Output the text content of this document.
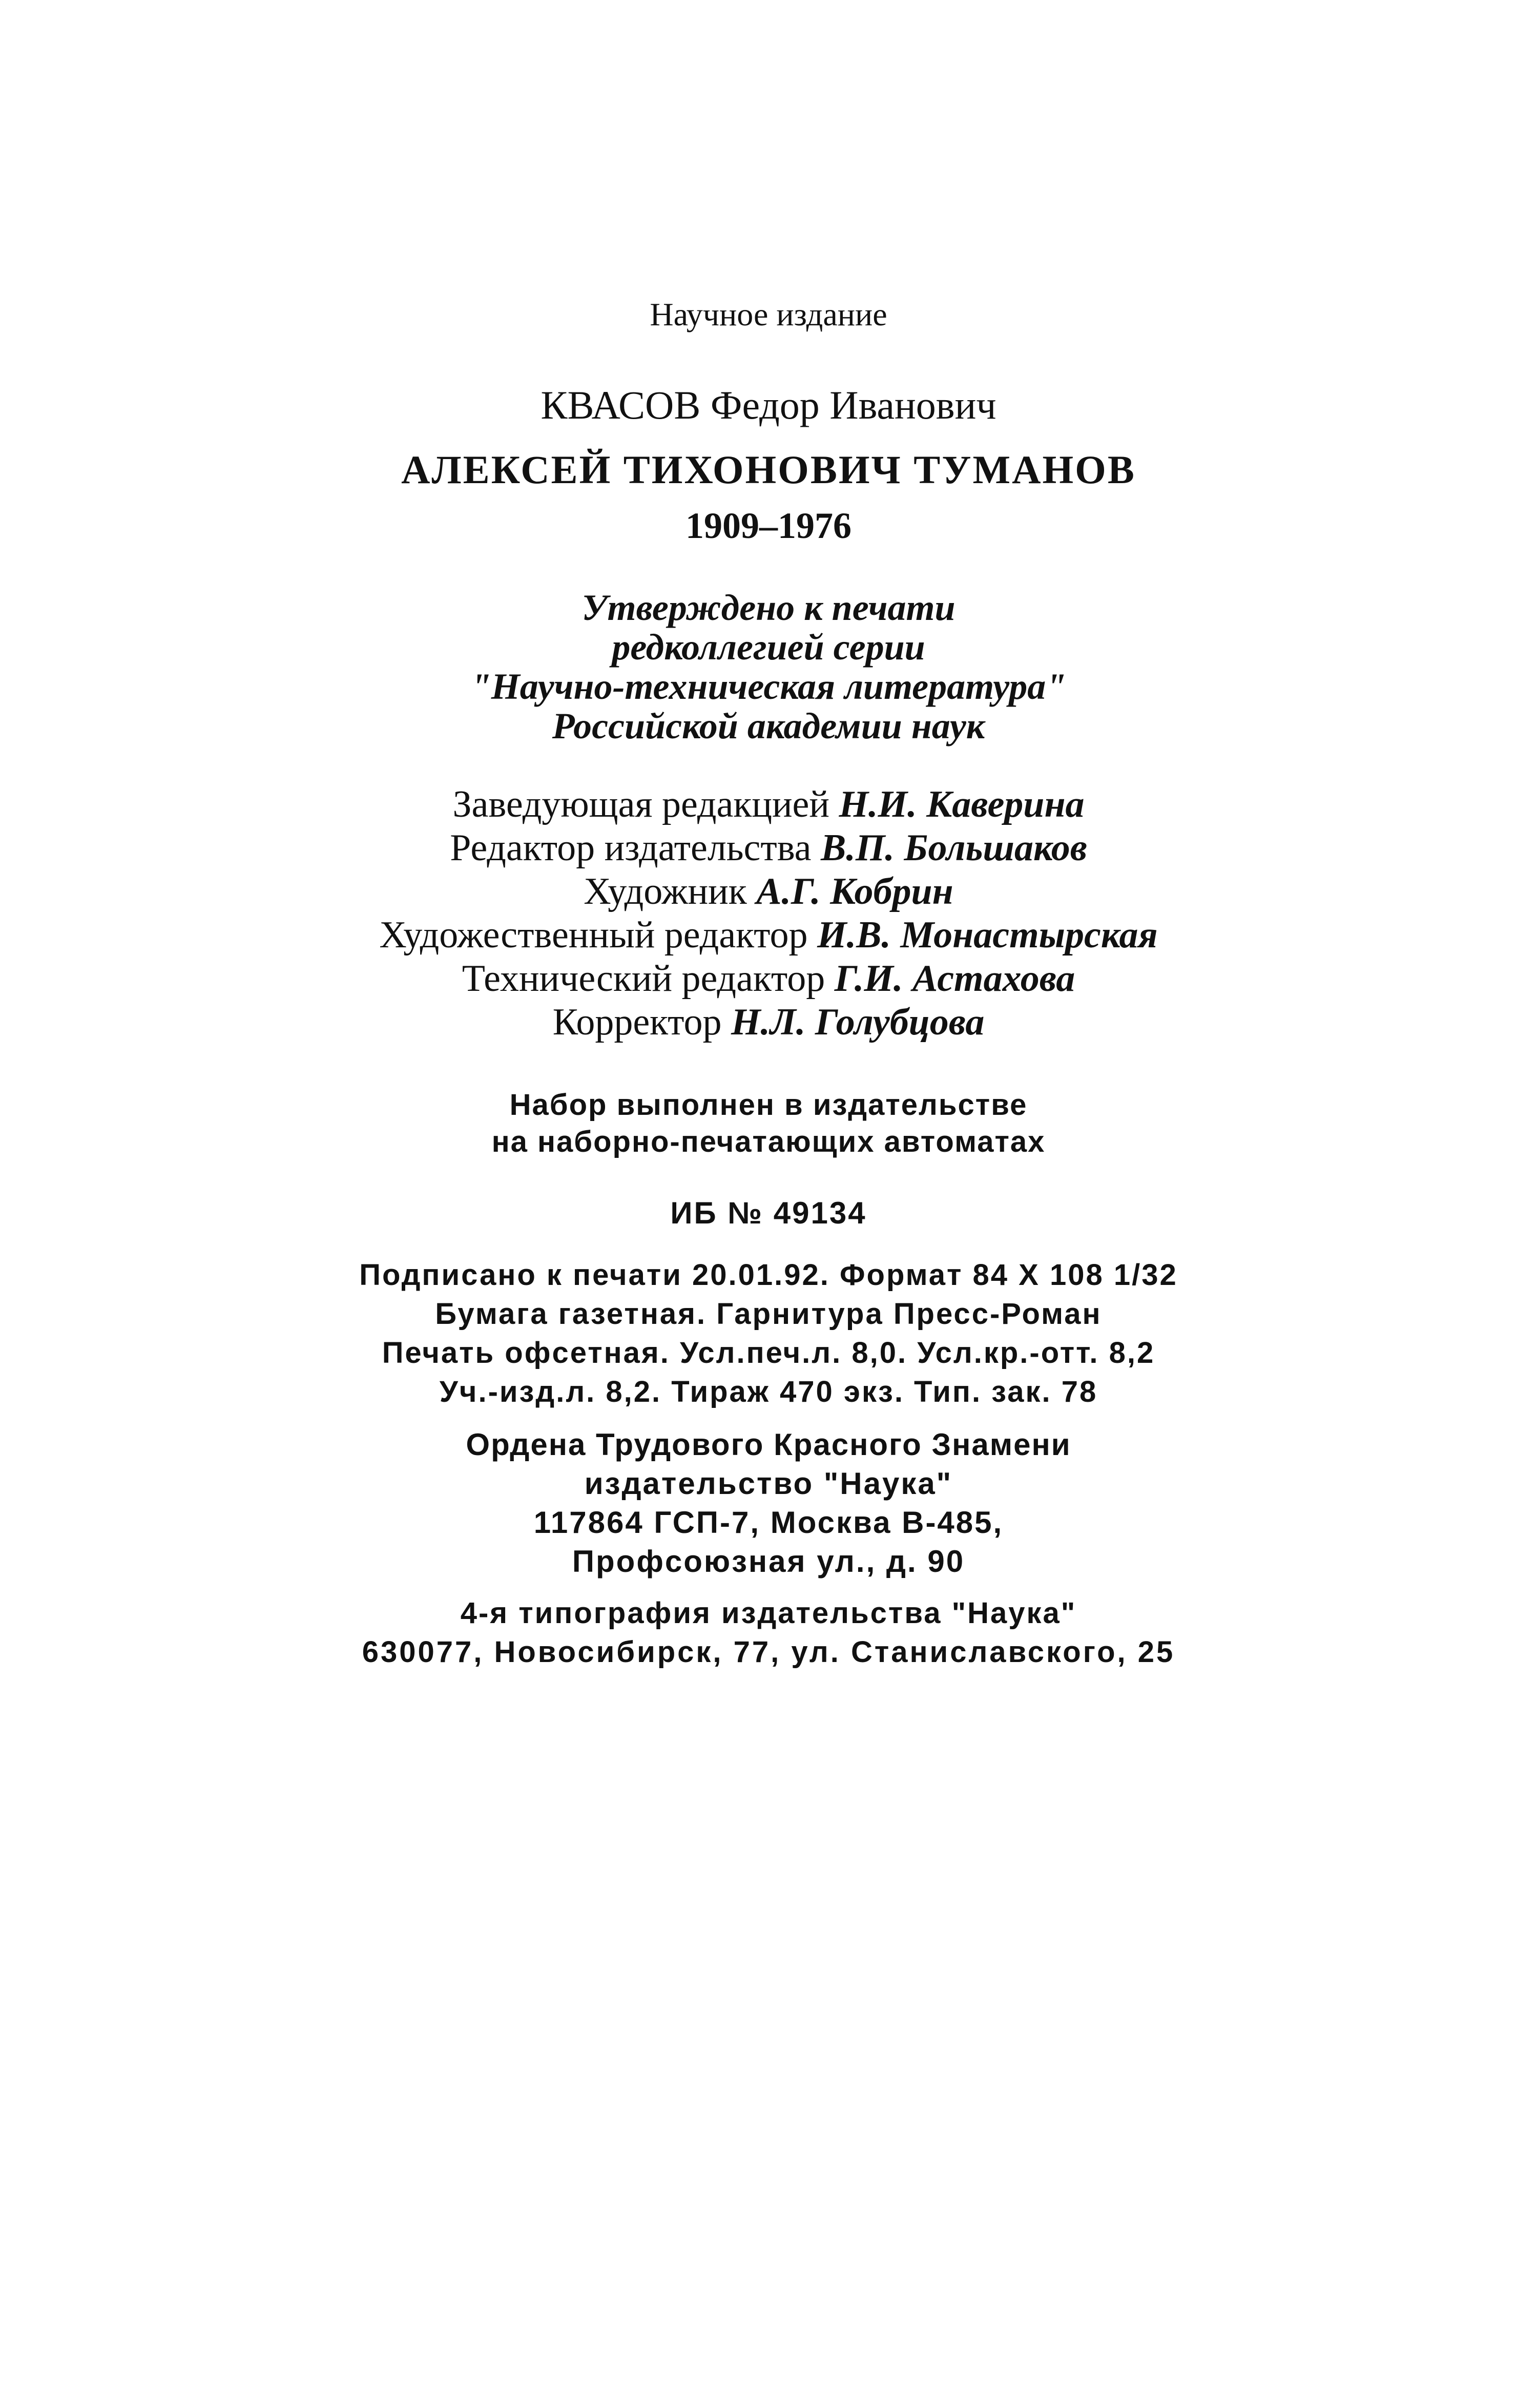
Научное издание
КВАСОВ Федор Иванович
АЛЕКСЕЙ ТИХОНОВИЧ ТУМАНОВ
1909–1976
Утверждено к печати
редколлегией серии
"Научно-техническая литература"
Российской академии наук
Заведующая редакцией Н.И. Каверина
Редактор издательства В.П. Большаков
Художник А.Г. Кобрин
Художественный редактор И.В. Монастырская
Технический редактор Г.И. Астахова
Корректор Н.Л. Голубцова
Набор выполнен в издательстве
на наборно-печатающих автоматах
ИБ № 49134
Подписано к печати 20.01.92. Формат 84 X 108 1/32
Бумага газетная. Гарнитура Пресс-Роман
Печать офсетная. Усл.печ.л. 8,0. Усл.кр.-отт. 8,2
Уч.-изд.л. 8,2. Тираж 470 экз. Тип. зак. 78
Ордена Трудового Красного Знамени
издательство "Наука"
117864 ГСП-7, Москва В-485,
Профсоюзная ул., д. 90
4-я типография издательства "Наука"
630077, Новосибирск, 77, ул. Станиславского, 25
